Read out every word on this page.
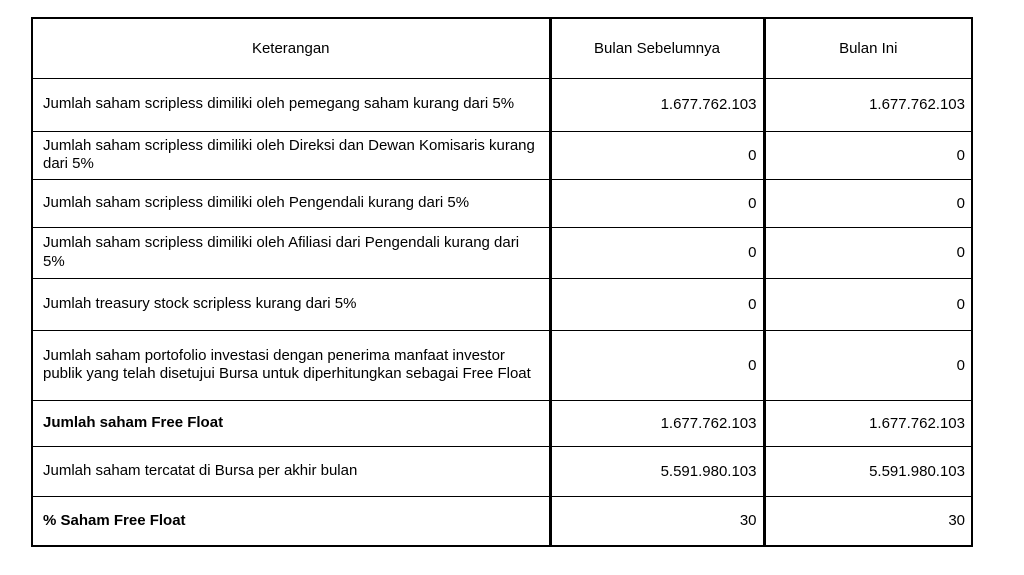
Keterangan	Bulan Sebelumnya	Bulan Ini
Jumlah saham scripless dimiliki oleh pemegang saham kurang dari 5%	1.677.762.103	1.677.762.103
Jumlah saham scripless dimiliki oleh Direksi dan Dewan Komisaris kurang dari 5%	0	0
Jumlah saham scripless dimiliki oleh Pengendali kurang dari 5%	0	0
Jumlah saham scripless dimiliki oleh Afiliasi dari Pengendali kurang dari 5%	0	0
Jumlah treasury stock scripless kurang dari 5%	0	0
Jumlah saham portofolio investasi dengan penerima manfaat investor publik yang telah disetujui Bursa untuk diperhitungkan sebagai Free Float	0	0
Jumlah saham Free Float	1.677.762.103	1.677.762.103
Jumlah saham tercatat di Bursa per akhir bulan	5.591.980.103	5.591.980.103
% Saham Free Float	30	30
